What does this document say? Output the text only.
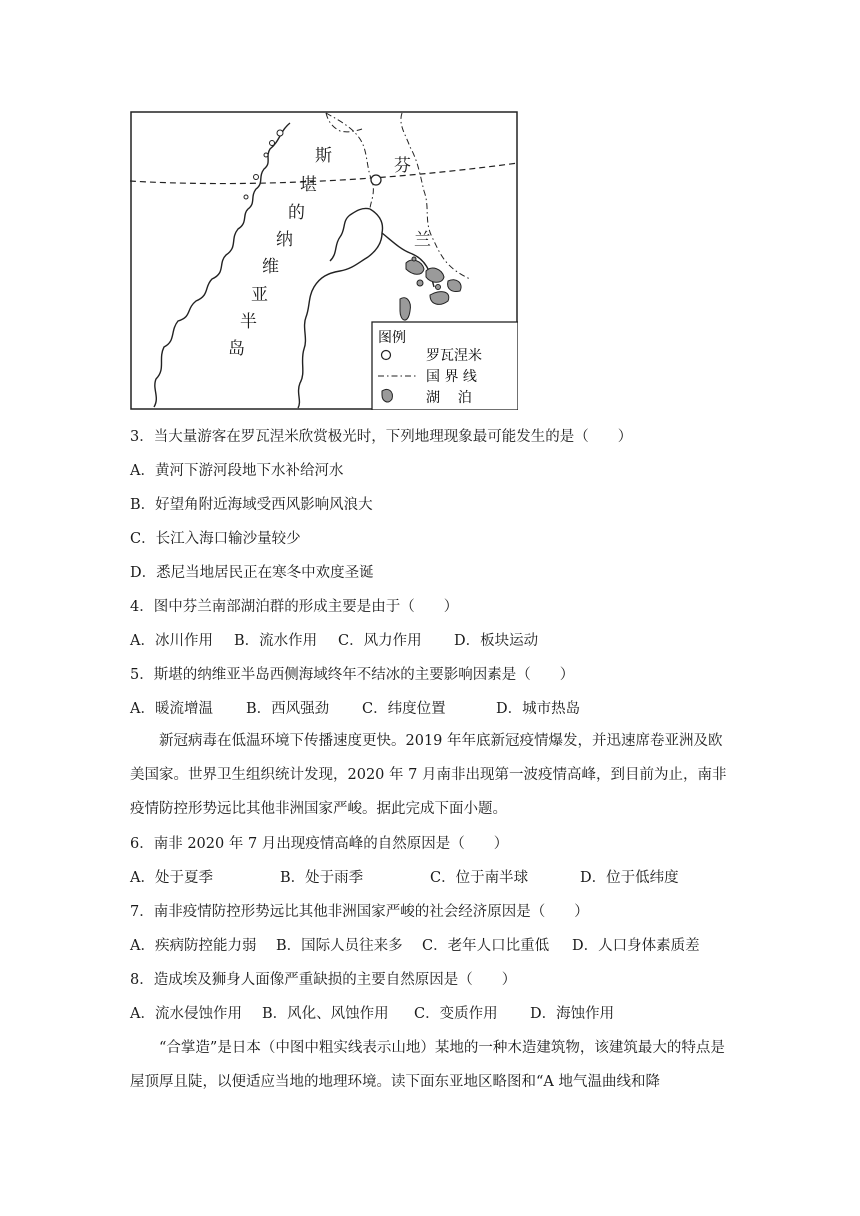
斯
堪
的
纳
维
亚
半
岛
芬
兰
图例
罗瓦涅米
国 界 线
湖    泊
3．当大量游客在罗瓦涅米欣赏极光时，下列地理现象最可能发生的是（　　）
A．黄河下游河段地下水补给河水
B．好望角附近海域受西风影响风浪大
C．长江入海口输沙量较少
D．悉尼当地居民正在寒冬中欢度圣诞
4．图中芬兰南部湖泊群的形成主要是由于（　　）
A．冰川作用 B．流水作用 C．风力作用 D．板块运动
5．斯堪的纳维亚半岛西侧海域终年不结冰的主要影响因素是（　　）
A．暖流增温 B．西风强劲 C．纬度位置	D．城市热岛
新冠病毒在低温环境下传播速度更快。2019 年年底新冠疫情爆发，并迅速席卷亚洲及欧美国家。世界卫生组织统计发现，2020 年 7 月南非出现第一波疫情高峰，到目前为止，南非疫情防控形势远比其他非洲国家严峻。据此完成下面小题。
6．南非 2020 年 7 月出现疫情高峰的自然原因是（　　）
A．处于夏季	B．处于雨季	C．位于南半球	D．位于低纬度
7．南非疫情防控形势远比其他非洲国家严峻的社会经济原因是（　　）
A．疾病防控能力弱 B．国际人员往来多 C．老年人口比重低 D．人口身体素质差
8．造成埃及狮身人面像严重缺损的主要自然原因是（　　）
A．流水侵蚀作用 B．风化、风蚀作用 C．变质作用 D．海蚀作用
“合掌造”是日本（中图中粗实线表示山地）某地的一种木造建筑物，该建筑最大的特点是屋顶厚且陡，以便适应当地的地理环境。读下面东亚地区略图和“A 地气温曲线和降
